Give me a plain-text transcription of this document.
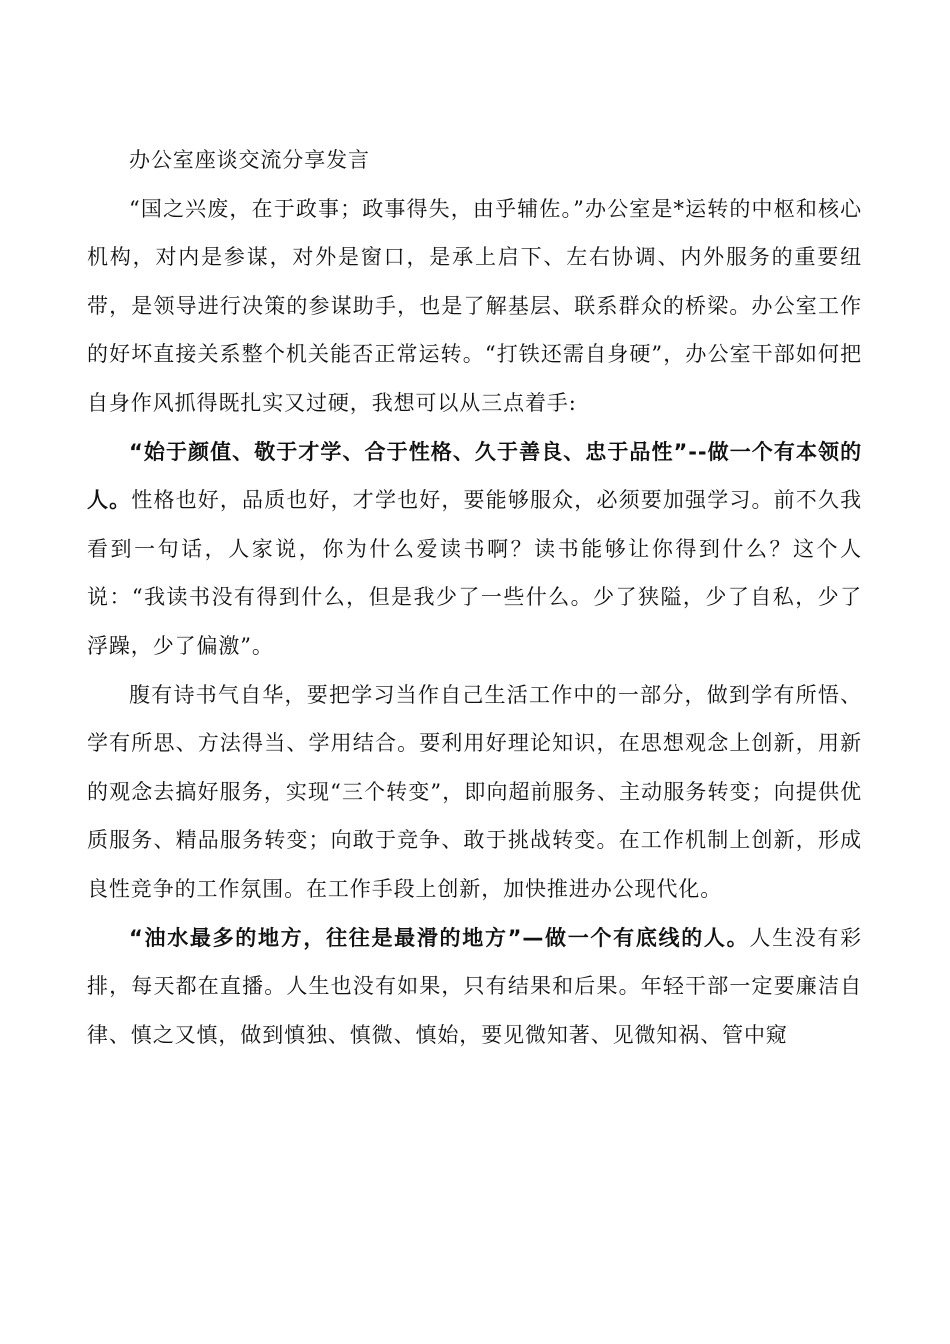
办公室座谈交流分享发言

“国之兴废，在于政事；政事得失，由乎辅佐。”办公室是*运转的中枢和核心机构，对内是参谋，对外是窗口，是承上启下、左右协调、内外服务的重要纽带，是领导进行决策的参谋助手，也是了解基层、联系群众的桥梁。办公室工作的好坏直接关系整个机关能否正常运转。“打铁还需自身硬”，办公室干部如何把自身作风抓得既扎实又过硬，我想可以从三点着手:

“始于颜值、敬于才学、合于性格、久于善良、忠于品性”--做一个有本领的人。性格也好，品质也好，才学也好，要能够服众，必须要加强学习。前不久我看到一句话，人家说，你为什么爱读书啊？读书能够让你得到什么？这个人说：“我读书没有得到什么，但是我少了一些什么。少了狭隘，少了自私，少了浮躁，少了偏激”。

腹有诗书气自华，要把学习当作自己生活工作中的一部分，做到学有所悟、学有所思、方法得当、学用结合。要利用好理论知识，在思想观念上创新，用新的观念去搞好服务，实现“三个转变”，即向超前服务、主动服务转变；向提供优质服务、精品服务转变；向敢于竞争、敢于挑战转变。在工作机制上创新，形成良性竞争的工作氛围。在工作手段上创新，加快推进办公现代化。

“油水最多的地方，往往是最滑的地方”—做一个有底线的人。人生没有彩排，每天都在直播。人生也没有如果，只有结果和后果。年轻干部一定要廉洁自律、慎之又慎，做到慎独、慎微、慎始，要见微知著、见微知祸、管中窥
